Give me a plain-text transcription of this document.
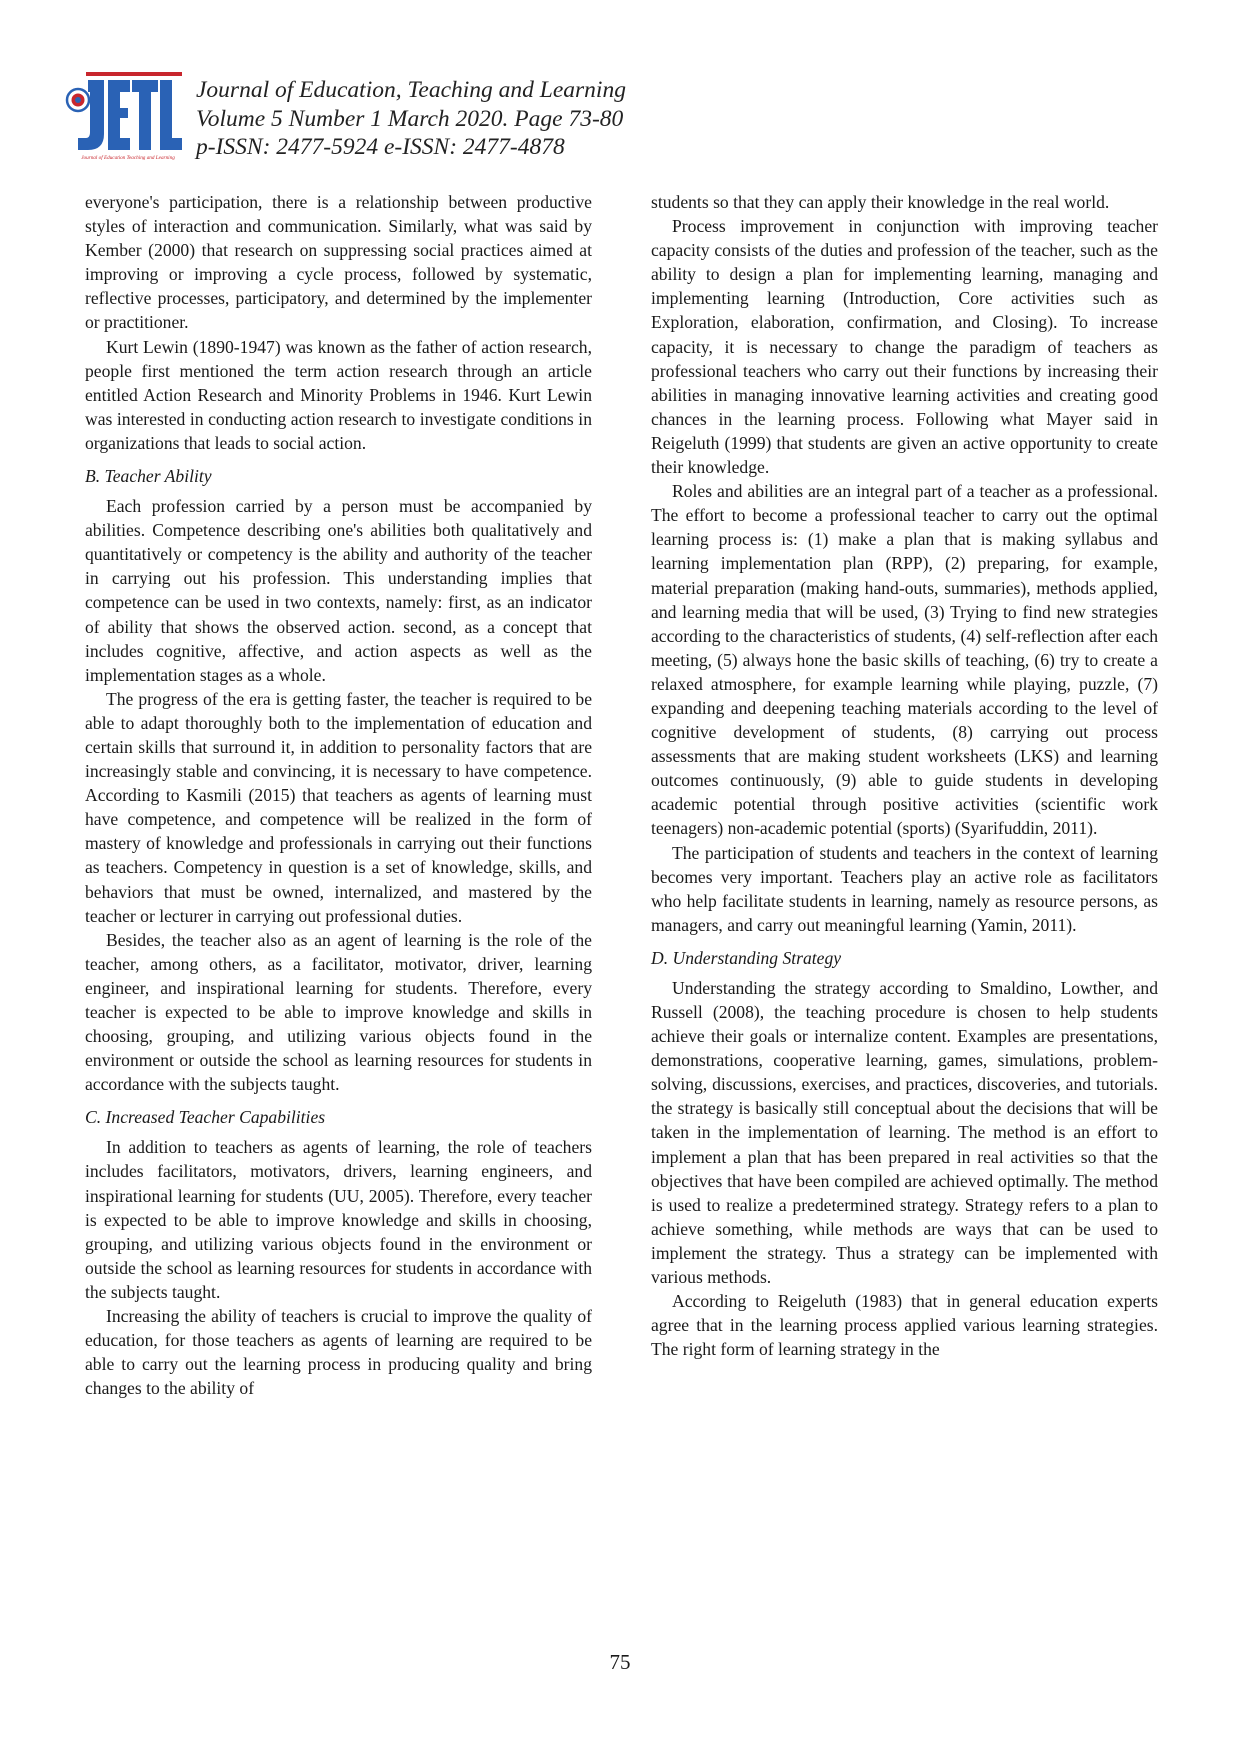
Journal of Education Teaching and Learning
Journal of Education, Teaching and Learning
Volume 5 Number 1 March 2020. Page 73-80
p-ISSN: 2477-5924 e-ISSN: 2477-4878

everyone's participation, there is a relationship between productive styles of interaction and communication. Similarly, what was said by Kember (2000) that research on suppressing social practices aimed at improving or improving a cycle process, followed by systematic, reflective processes, participatory, and determined by the implementer or practitioner.

Kurt Lewin (1890-1947) was known as the father of action research, people first mentioned the term action research through an article entitled Action Research and Minority Problems in 1946. Kurt Lewin was interested in conducting action research to investigate conditions in organizations that leads to social action.

B. Teacher Ability

Each profession carried by a person must be accompanied by abilities. Competence describing one's abilities both qualitatively and quantitatively or competency is the ability and authority of the teacher in carrying out his profession. This understanding implies that competence can be used in two contexts, namely: first, as an indicator of ability that shows the observed action. second, as a concept that includes cognitive, affective, and action aspects as well as the implementation stages as a whole.

The progress of the era is getting faster, the teacher is required to be able to adapt thoroughly both to the implementation of education and certain skills that surround it, in addition to personality factors that are increasingly stable and convincing, it is necessary to have competence. According to Kasmili (2015) that teachers as agents of learning must have competence, and competence will be realized in the form of mastery of knowledge and professionals in carrying out their functions as teachers. Competency in question is a set of knowledge, skills, and behaviors that must be owned, internalized, and mastered by the teacher or lecturer in carrying out professional duties.

Besides, the teacher also as an agent of learning is the role of the teacher, among others, as a facilitator, motivator, driver, learning engineer, and inspirational learning for students. Therefore, every teacher is expected to be able to improve knowledge and skills in choosing, grouping, and utilizing various objects found in the environment or outside the school as learning resources for students in accordance with the subjects taught.

C. Increased Teacher Capabilities

In addition to teachers as agents of learning, the role of teachers includes facilitators, motivators, drivers, learning engineers, and inspirational learning for students (UU, 2005). Therefore, every teacher is expected to be able to improve knowledge and skills in choosing, grouping, and utilizing various objects found in the environment or outside the school as learning resources for students in accordance with the subjects taught.

Increasing the ability of teachers is crucial to improve the quality of education, for those teachers as agents of learning are required to be able to carry out the learning process in producing quality and bring changes to the ability of

students so that they can apply their knowledge in the real world.

Process improvement in conjunction with improving teacher capacity consists of the duties and profession of the teacher, such as the ability to design a plan for implementing learning, managing and implementing learning (Introduction, Core activities such as Exploration, elaboration, confirmation, and Closing). To increase capacity, it is necessary to change the paradigm of teachers as professional teachers who carry out their functions by increasing their abilities in managing innovative learning activities and creating good chances in the learning process. Following what Mayer said in Reigeluth (1999) that students are given an active opportunity to create their knowledge.

Roles and abilities are an integral part of a teacher as a professional. The effort to become a professional teacher to carry out the optimal learning process is: (1) make a plan that is making syllabus and learning implementation plan (RPP), (2) preparing, for example, material preparation (making hand-outs, summaries), methods applied, and learning media that will be used, (3) Trying to find new strategies according to the characteristics of students, (4) self-reflection after each meeting, (5) always hone the basic skills of teaching, (6) try to create a relaxed atmosphere, for example learning while playing, puzzle, (7) expanding and deepening teaching materials according to the level of cognitive development of students, (8) carrying out process assessments that are making student worksheets (LKS) and learning outcomes continuously, (9) able to guide students in developing academic potential through positive activities (scientific work teenagers) non-academic potential (sports) (Syarifuddin, 2011).

The participation of students and teachers in the context of learning becomes very important. Teachers play an active role as facilitators who help facilitate students in learning, namely as resource persons, as managers, and carry out meaningful learning (Yamin, 2011).

D. Understanding Strategy

Understanding the strategy according to Smaldino, Lowther, and Russell (2008), the teaching procedure is chosen to help students achieve their goals or internalize content. Examples are presentations, demonstrations, cooperative learning, games, simulations, problem-solving, discussions, exercises, and practices, discoveries, and tutorials. the strategy is basically still conceptual about the decisions that will be taken in the implementation of learning. The method is an effort to implement a plan that has been prepared in real activities so that the objectives that have been compiled are achieved optimally. The method is used to realize a predetermined strategy. Strategy refers to a plan to achieve something, while methods are ways that can be used to implement the strategy. Thus a strategy can be implemented with various methods.

According to Reigeluth (1983) that in general education experts agree that in the learning process applied various learning strategies. The right form of learning strategy in the

75
